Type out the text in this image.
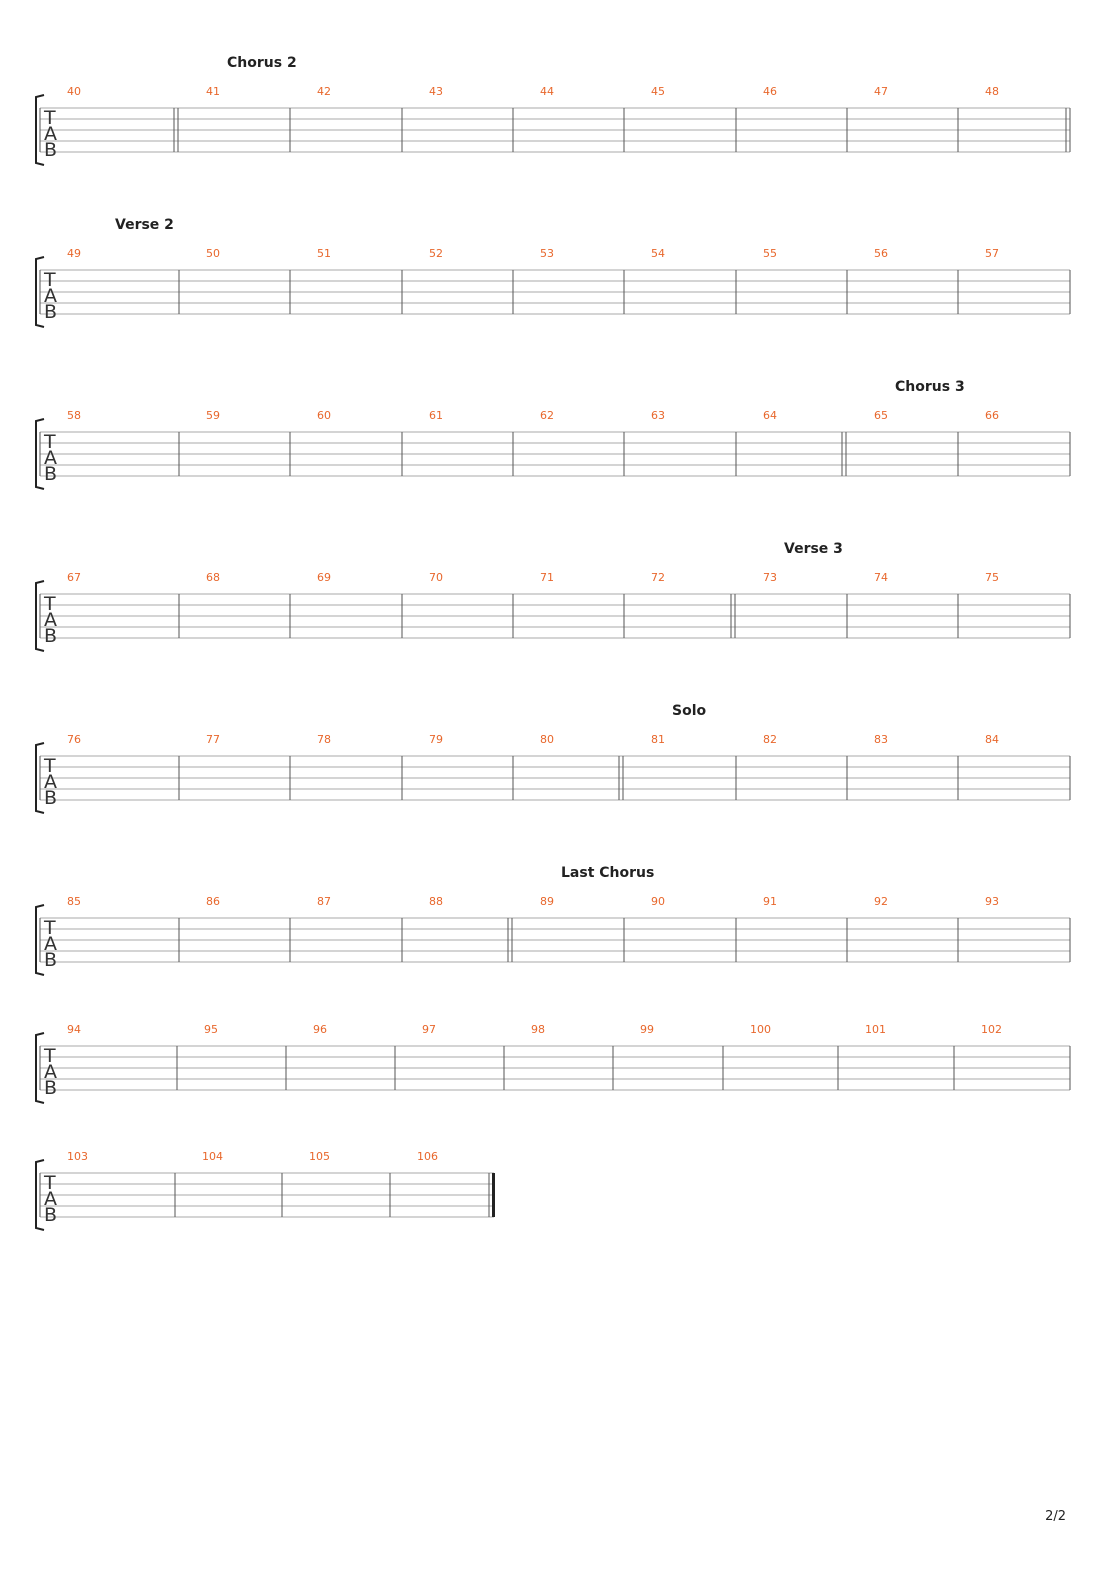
T
A
B
40	41	42	43	44	45	46	47	48
Chorus 2
T
A
B
49	50	51	52	53	54	55	56	57
Verse 2
T
A
B
58	59	60	61	62	63	64	65	66
Chorus 3
T
A
B
67	68	69	70	71	72	73	74	75
Verse 3
T
A
B
76	77	78	79	80	81	82	83	84
Solo
T
A
B
85	86	87	88	89	90	91	92	93
Last Chorus
T
A
B
94	95	96	97	98	99	100	101	102
T
A
B
103	104	105	106
2/2
